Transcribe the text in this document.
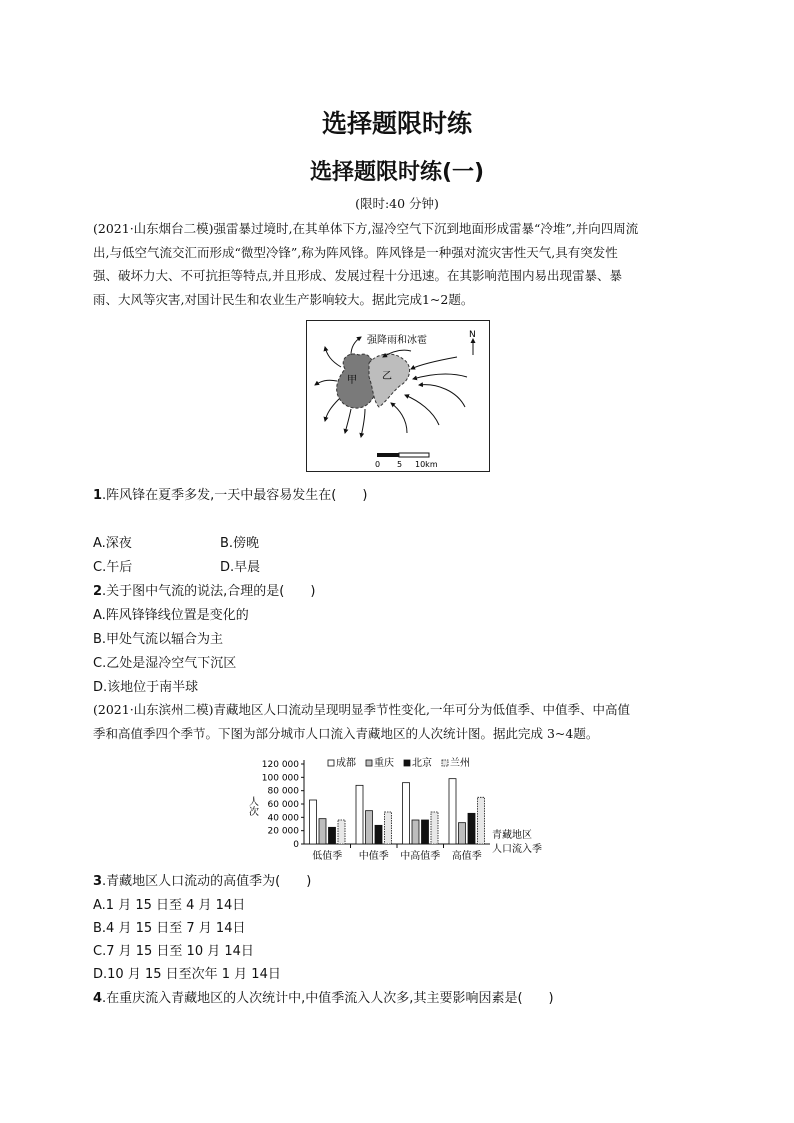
选择题限时练
选择题限时练(一)
(限时:40 分钟)
(2021·山东烟台二模)强雷暴过境时,在其单体下方,湿冷空气下沉到地面形成雷暴“冷堆”,并向四周流
出,与低空气流交汇而形成“微型冷锋”,称为阵风锋。阵风锋是一种强对流灾害性天气,具有突发性
强、破坏力大、不可抗拒等特点,并且形成、发展过程十分迅速。在其影响范围内易出现雷暴、暴
雨、大风等灾害,对国计民生和农业生产影响较大。据此完成1~2题。
N
强降雨和冰雹
甲	乙
0 5 10km
1.阵风锋在夏季多发,一天中最容易发生在(　　)
A.深夜	B.傍晚
C.午后	D.早晨
2.关于图中气流的说法,合理的是(　　)
A.阵风锋锋线位置是变化的
B.甲处气流以辐合为主
C.乙处是湿冷空气下沉区
D.该地位于南半球
(2021·山东滨州二模)青藏地区人口流动呈现明显季节性变化,一年可分为低值季、中值季、中高值
季和高值季四个季节。下图为部分城市人口流入青藏地区的人次统计图。据此完成 3~4题。
120 000
100 000
80 000
60 000
40 000
20 000
0
人次
低值季 中值季 中高值季 高值季
青藏地区
人口流入季
成都 重庆 北京 兰州
3.青藏地区人口流动的高值季为(　　)
A.1 月 15 日至 4 月 14日
B.4 月 15 日至 7 月 14日
C.7 月 15 日至 10 月 14日
D.10 月 15 日至次年 1 月 14日
4.在重庆流入青藏地区的人次统计中,中值季流入人次多,其主要影响因素是(　　)
